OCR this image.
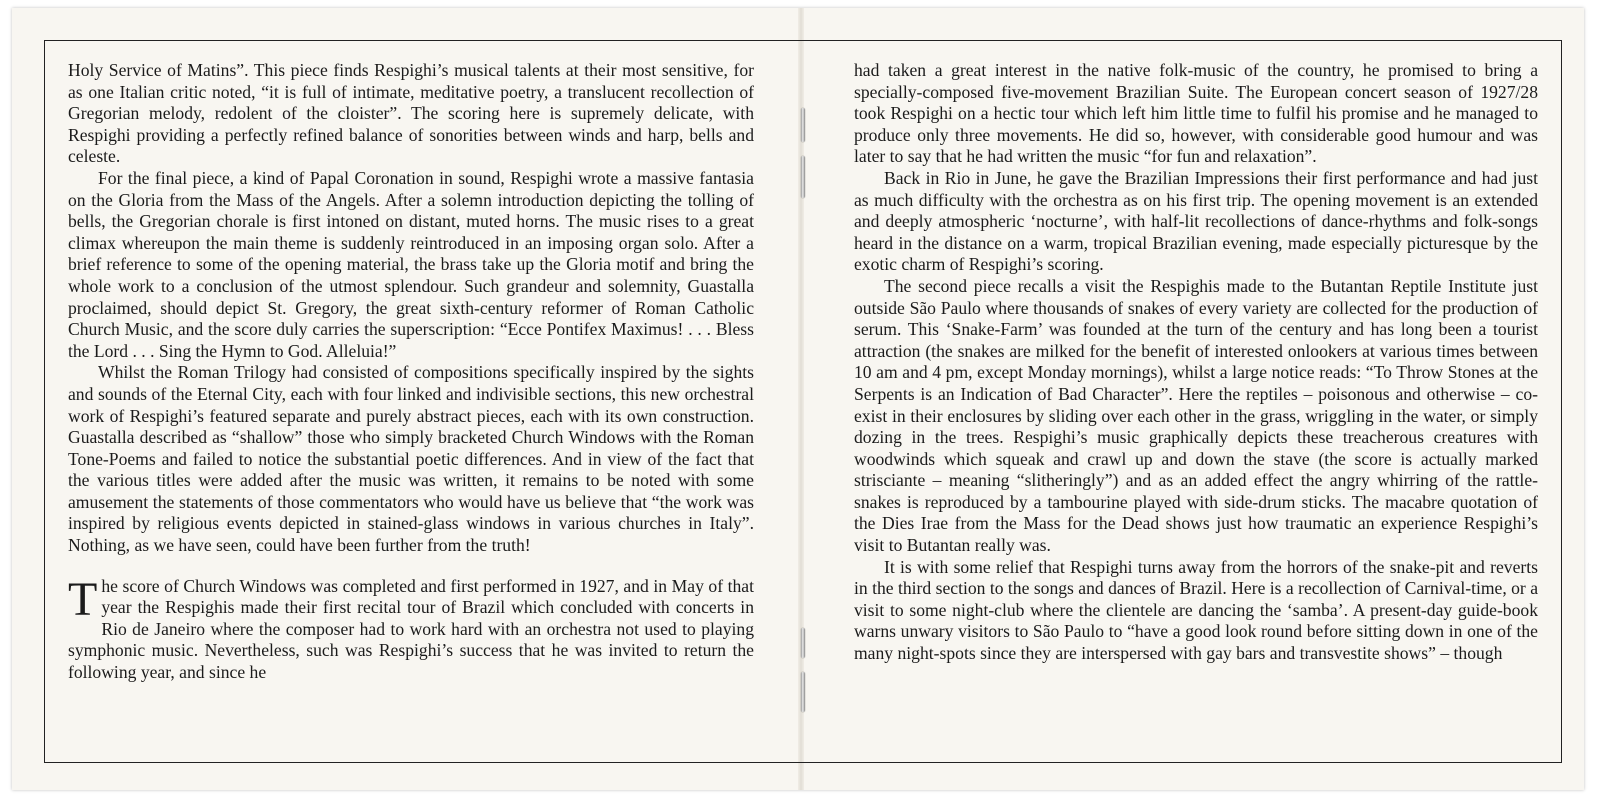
Holy Service of Matins”. This piece finds Respighi’s musical talents at their most sensitive, for as one Italian critic noted, “it is full of intimate, meditative poetry, a translucent recollection of Gregorian melody, redolent of the cloister”. The scoring here is supremely delicate, with Respighi providing a perfectly refined balance of sonorities between winds and harp, bells and celeste.

For the final piece, a kind of Papal Coronation in sound, Respighi wrote a massive fantasia on the Gloria from the Mass of the Angels. After a solemn introduction depicting the tolling of bells, the Gregorian chorale is first intoned on distant, muted horns. The music rises to a great climax whereupon the main theme is suddenly reintroduced in an imposing organ solo. After a brief reference to some of the opening material, the brass take up the Gloria motif and bring the whole work to a conclusion of the utmost splendour. Such grandeur and solemnity, Guastalla proclaimed, should depict St. Gregory, the great sixth-century reformer of Roman Catholic Church Music, and the score duly carries the superscription: “Ecce Pontifex Maximus! . . . Bless the Lord . . . Sing the Hymn to God. Alleluia!”

Whilst the Roman Trilogy had consisted of compositions specifically inspired by the sights and sounds of the Eternal City, each with four linked and indivisible sections, this new orchestral work of Respighi’s featured separate and purely abstract pieces, each with its own construction. Guastalla described as “shallow” those who simply bracketed Church Windows with the Roman Tone-Poems and failed to notice the substantial poetic differences. And in view of the fact that the various titles were added after the music was written, it remains to be noted with some amusement the statements of those commentators who would have us believe that “the work was inspired by religious events depicted in stained-glass windows in various churches in Italy”. Nothing, as we have seen, could have been further from the truth!

T he score of Church Windows was completed and first performed in 1927, and in May of that year the Respighis made their first recital tour of Brazil which concluded with concerts in Rio de Janeiro where the composer had to work hard with an orchestra not used to playing symphonic music. Nevertheless, such was Respighi’s success that he was invited to return the following year, and since he

had taken a great interest in the native folk-music of the country, he promised to bring a specially-composed five-movement Brazilian Suite. The European concert season of 1927/28 took Respighi on a hectic tour which left him little time to fulfil his promise and he managed to produce only three movements. He did so, however, with considerable good humour and was later to say that he had written the music “for fun and relaxation”.

Back in Rio in June, he gave the Brazilian Impressions their first performance and had just as much difficulty with the orchestra as on his first trip. The opening movement is an extended and deeply atmospheric ‘nocturne’, with half-lit recollections of dance-rhythms and folk-songs heard in the distance on a warm, tropical Brazilian evening, made especially picturesque by the exotic charm of Respighi’s scoring.

The second piece recalls a visit the Respighis made to the Butantan Reptile Institute just outside São Paulo where thousands of snakes of every variety are collected for the production of serum. This ‘Snake-Farm’ was founded at the turn of the century and has long been a tourist attraction (the snakes are milked for the benefit of interested onlookers at various times between 10 am and 4 pm, except Monday mornings), whilst a large notice reads: “To Throw Stones at the Serpents is an Indication of Bad Character”. Here the reptiles – poisonous and otherwise – co-exist in their enclosures by sliding over each other in the grass, wriggling in the water, or simply dozing in the trees. Respighi’s music graphically depicts these treacherous creatures with woodwinds which squeak and crawl up and down the stave (the score is actually marked strisciante – meaning “slitheringly”) and as an added effect the angry whirring of the rattle-snakes is reproduced by a tambourine played with side-drum sticks. The macabre quotation of the Dies Irae from the Mass for the Dead shows just how traumatic an experience Respighi’s visit to Butantan really was.

It is with some relief that Respighi turns away from the horrors of the snake-pit and reverts in the third section to the songs and dances of Brazil. Here is a recollection of Carnival-time, or a visit to some night-club where the clientele are dancing the ‘samba’. A present-day guide-book warns unwary visitors to São Paulo to “have a good look round before sitting down in one of the many night-spots since they are interspersed with gay bars and transvestite shows” – though
